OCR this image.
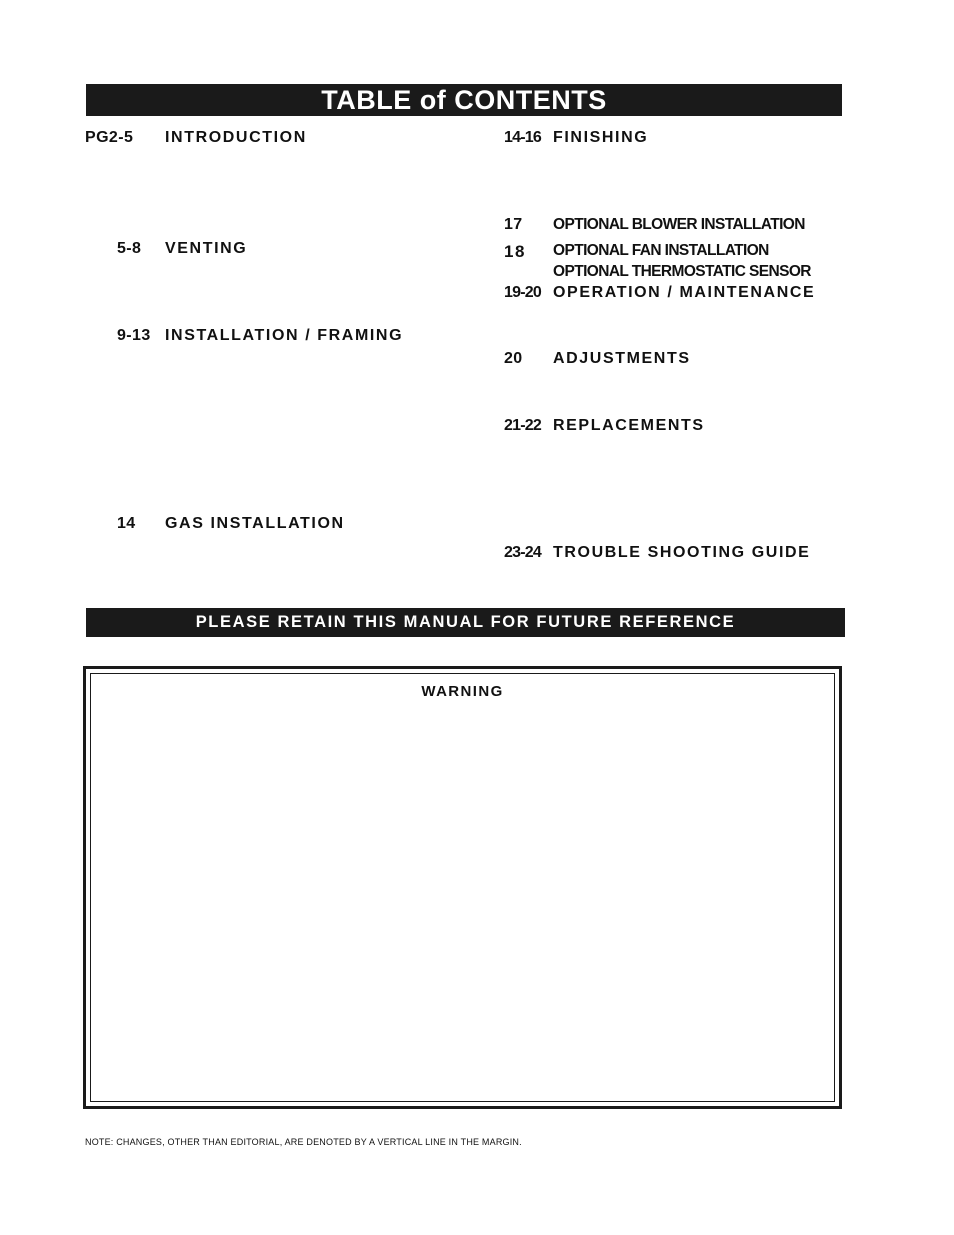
TABLE of CONTENTS
PG2-5 INTRODUCTION
5-8 VENTING
9-13 INSTALLATION / FRAMING
14 GAS INSTALLATION
14-16 FINISHING
17 OPTIONAL BLOWER INSTALLATION
18 OPTIONAL FAN INSTALLATION
OPTIONAL THERMOSTATIC SENSOR
19-20 OPERATION / MAINTENANCE
20 ADJUSTMENTS
21-22 REPLACEMENTS
23-24 TROUBLE SHOOTING GUIDE
PLEASE RETAIN THIS MANUAL FOR FUTURE REFERENCE
WARNING
NOTE: CHANGES, OTHER THAN EDITORIAL, ARE DENOTED BY A VERTICAL LINE IN THE MARGIN.
